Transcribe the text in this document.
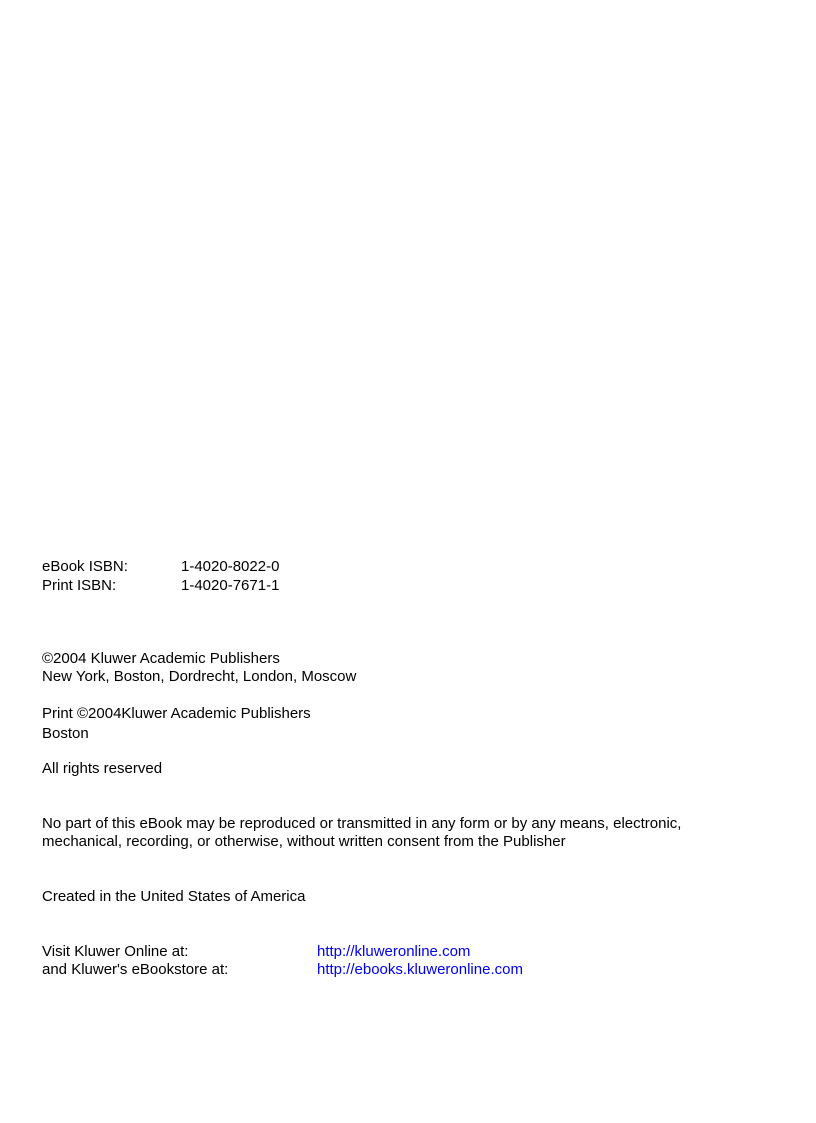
eBook ISBN:	1-4020-8022-0
Print ISBN:	1-4020-7671-1
©2004 Kluwer Academic Publishers
New York, Boston, Dordrecht, London, Moscow
Print ©2004Kluwer Academic Publishers
Boston
All rights reserved
No part of this eBook may be reproduced or transmitted in any form or by any means, electronic,
mechanical, recording, or otherwise, without written consent from the Publisher
Created in the United States of America
Visit Kluwer Online at:	http://kluweronline.com
and Kluwer's eBookstore at:	http://ebooks.kluweronline.com
